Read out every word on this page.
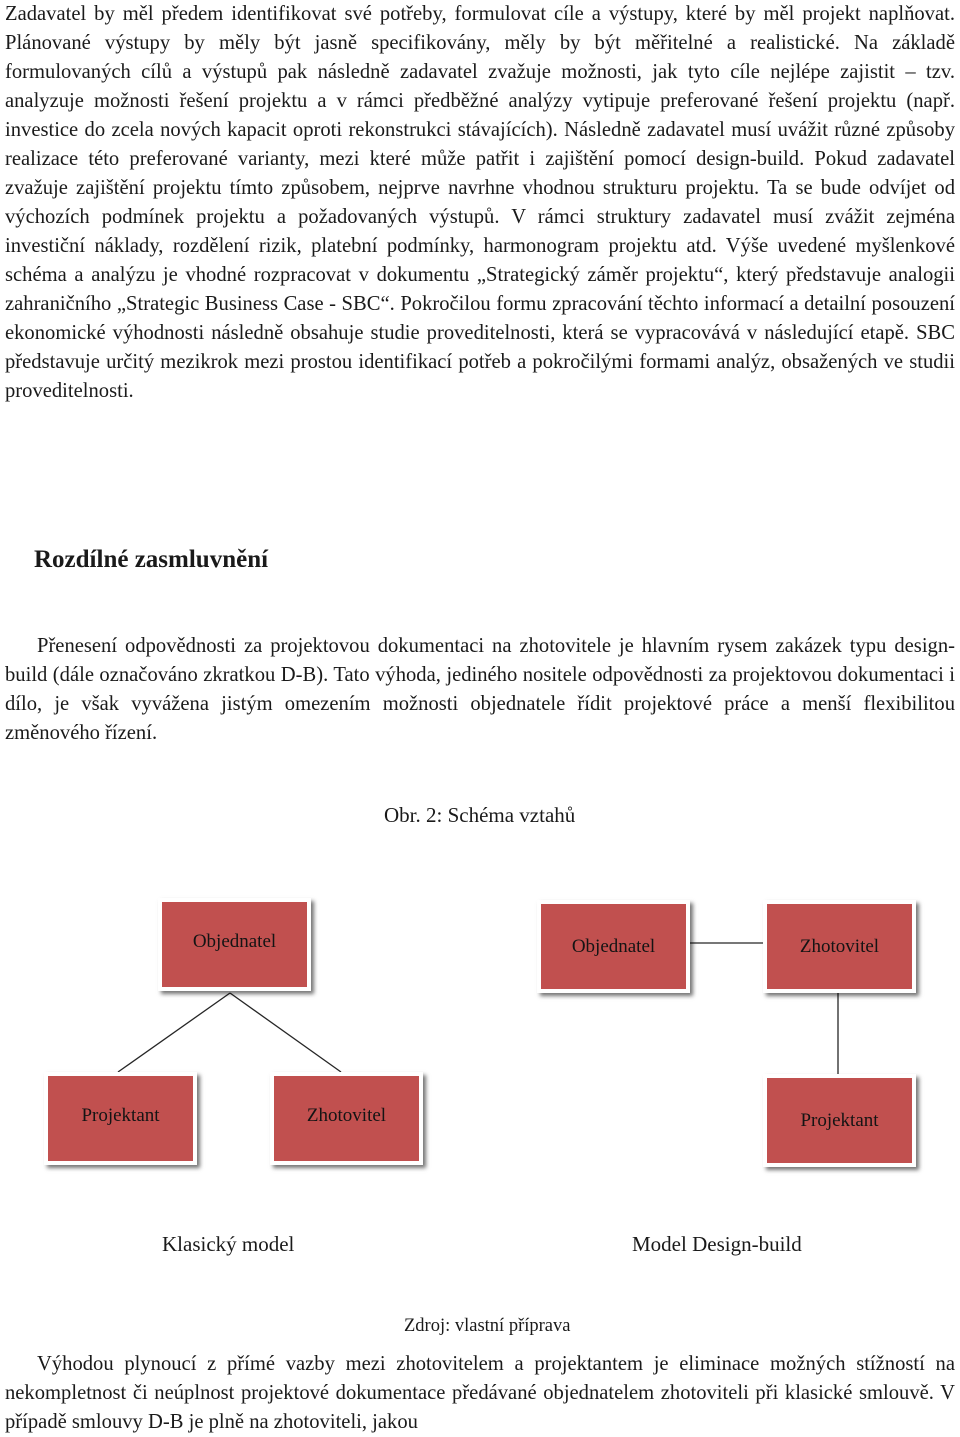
Zadavatel by měl předem identifikovat své potřeby, formulovat cíle a výstupy, které by měl projekt naplňovat. Plánované výstupy by měly být jasně specifikovány, měly by být měřitelné a realistické. Na základě formulovaných cílů a výstupů pak následně zadavatel zvažuje možnosti, jak tyto cíle nejlépe zajistit – tzv. analyzuje možnosti řešení projektu a v rámci předběžné analýzy vytipuje preferované řešení projektu (např. investice do zcela nových kapacit oproti rekonstrukci stávajících). Následně zadavatel musí uvážit různé způsoby realizace této preferované varianty, mezi které může patřit i zajištění pomocí design-build. Pokud zadavatel zvažuje zajištění projektu tímto způsobem, nejprve navrhne vhodnou strukturu projektu. Ta se bude odvíjet od výchozích podmínek projektu a požadovaných výstupů. V rámci struktury zadavatel musí zvážit zejména investiční náklady, rozdělení rizik, platební podmínky, harmonogram projektu atd. Výše uvedené myšlenkové schéma a analýzu je vhodné rozpracovat v dokumentu „Strategický záměr projektu“, který představuje analogii zahraničního „Strategic Business Case - SBC“. Pokročilou formu zpracování těchto informací a detailní posouzení ekonomické výhodnosti následně obsahuje studie proveditelnosti, která se vypracovává v následující etapě. SBC představuje určitý mezikrok mezi prostou identifikací potřeb a pokročilými formami analýz, obsažených ve studii proveditelnosti.

Rozdílné zasmluvnění

Přenesení odpovědnosti za projektovou dokumentaci na zhotovitele je hlavním rysem zakázek typu design-build (dále označováno zkratkou D-B). Tato výhoda, jediného nositele odpovědnosti za projektovou dokumentaci i dílo, je však vyvážena jistým omezením možnosti objednatele řídit projektové práce a menší flexibilitou změnového řízení.

Obr. 2: Schéma vztahů
Objednatel
Projektant	Zhotovitel
Objednatel	Zhotovitel
Projektant
Klasický model	Model Design-build
Zdroj: vlastní příprava

Výhodou plynoucí z přímé vazby mezi zhotovitelem a projektantem je eliminace možných stížností na nekompletnost či neúplnost projektové dokumentace předávané objednatelem zhotoviteli při klasické smlouvě. V případě smlouvy D-B je plně na zhotoviteli, jakou
